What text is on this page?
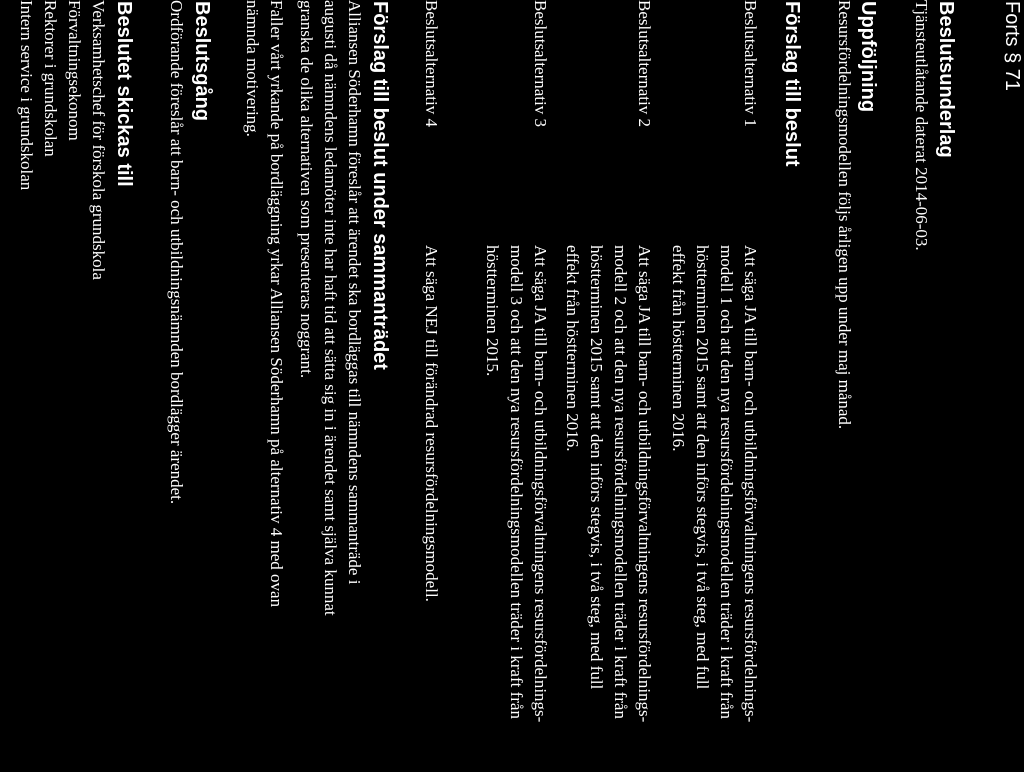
Forts § 71
Beslutsunderlag
Tjänsteutlåtande daterat 2014-06-03.
Uppföljning
Resursfördelningsmodellen följs årligen upp under maj månad.
Förslag till beslut
Beslutsalternativ 1
Att säga JA till barn- och utbildningsförvaltningens resursfördelnings-
modell 1 och att den nya resursfördelningsmodellen träder i kraft från
höstterminen 2015 samt att den införs stegvis, i två steg, med full
effekt från höstterminen 2016.
Beslutsalternativ 2
Att säga JA till barn- och utbildningsförvaltningens resursfördelnings-
modell 2 och att den nya resursfördelningsmodellen träder i kraft från
höstterminen 2015 samt att den införs stegvis, i två steg, med full
effekt från höstterminen 2016.
Beslutsalternativ 3
Att säga JA till barn- och utbildningsförvaltningens resursfördelnings-
modell 3 och att den nya resursfördelningsmodellen träder i kraft från
höstterminen 2015.
Beslutsalternativ 4
Att säga NEJ till förändrad resursfördelningsmodell.
Förslag till beslut under sammanträdet
Alliansen Söderhamn föreslår att ärendet ska bordläggas till nämndens sammanträde i
augusti då nämndens ledamöter inte har haft tid att sätta sig in i ärendet samt själva kunnat
granska de olika alternativen som presenteras noggrant.
Faller vårt yrkande på bordläggning yrkar Alliansen Söderhamn på alternativ 4 med ovan
nämnda motivering.
Beslutsgång
Ordförande föreslår att barn- och utbildningsnämnden bordlägger ärendet.
Beslutet skickas till
Verksamhetschef för förskola grundskola
Förvaltningsekonom
Rektorer i grundskolan
Intern service i grundskolan
